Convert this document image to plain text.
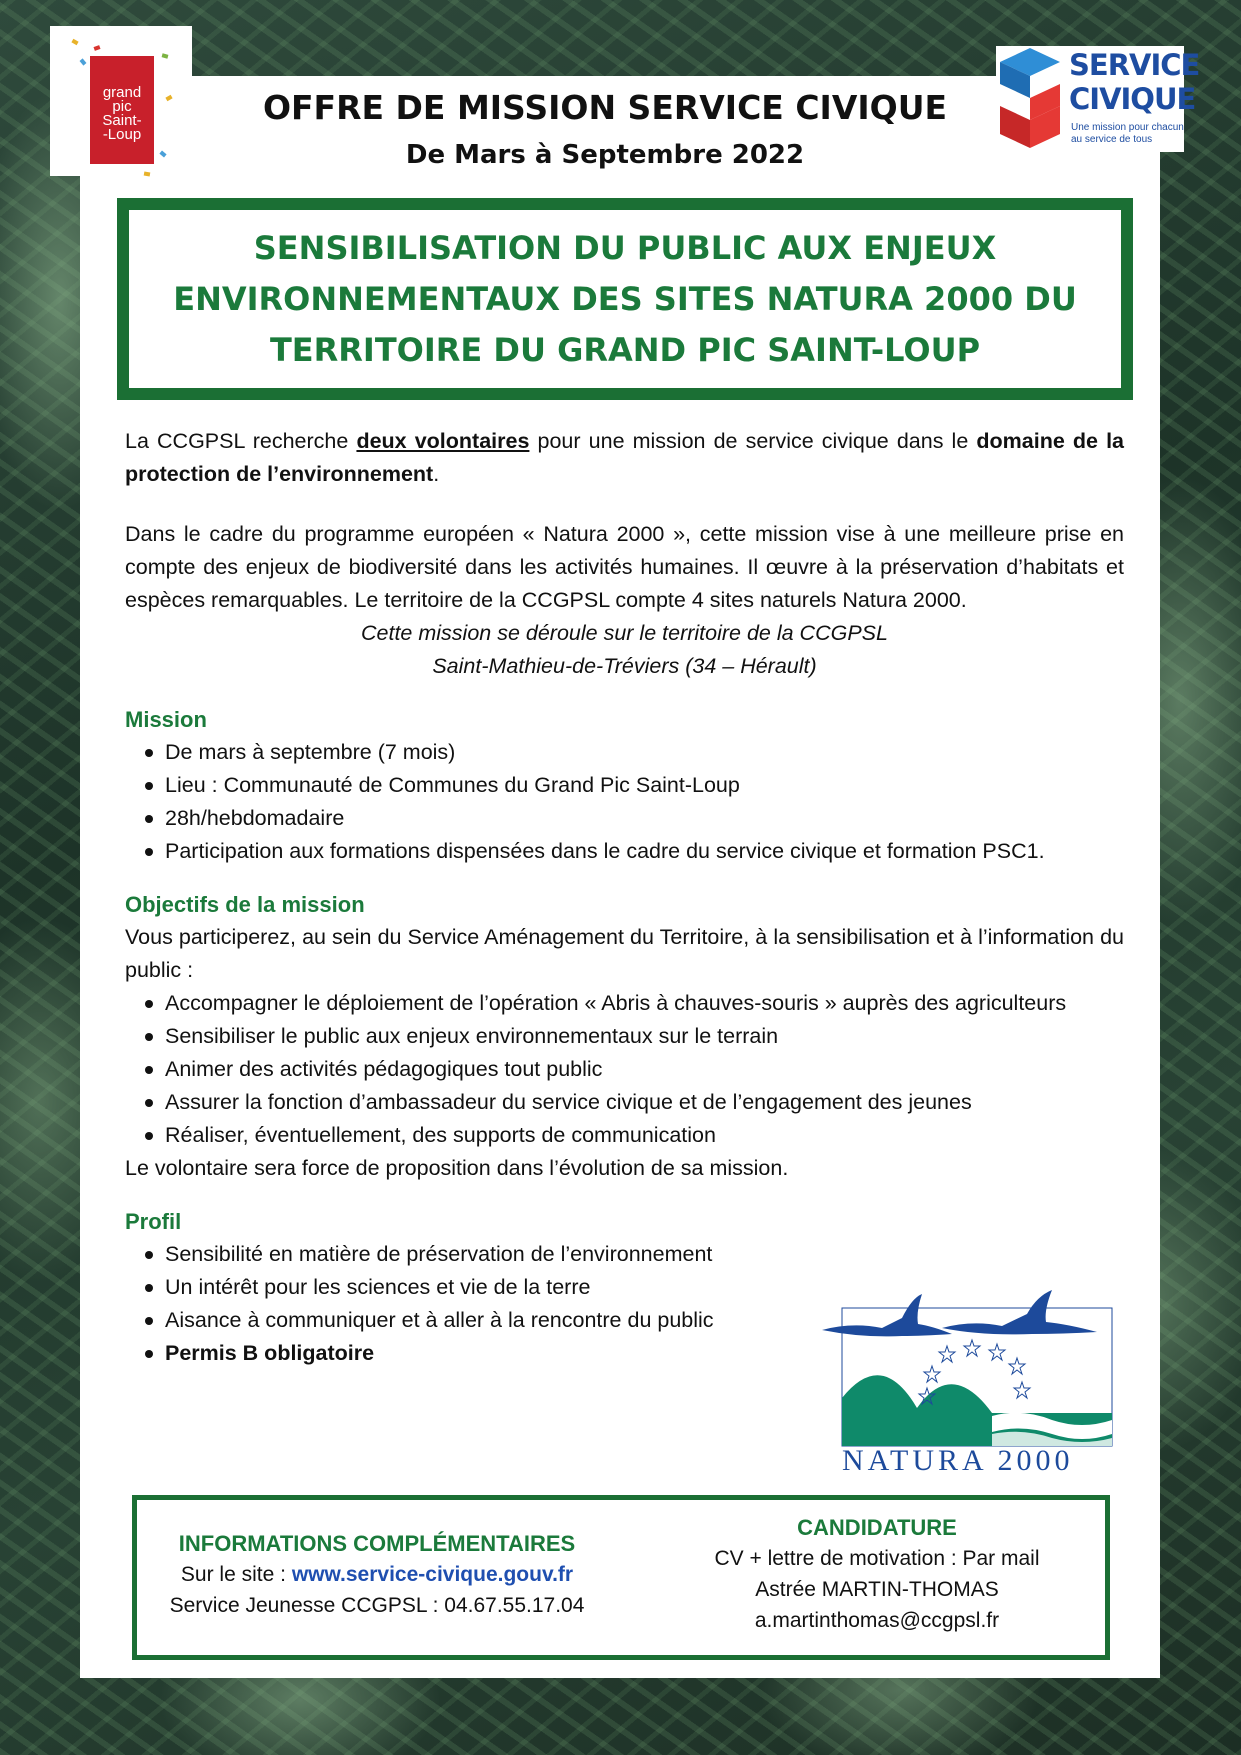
grand
pic
Saint-
-Loup
SERVICE
CIVIQUE
Une mission pour chacun au service de tous
OFFRE DE MISSION SERVICE CIVIQUE
De Mars à Septembre 2022
SENSIBILISATION DU PUBLIC AUX ENJEUX ENVIRONNEMENTAUX DES SITES NATURA 2000 DU TERRITOIRE DU GRAND PIC SAINT-LOUP

La CCGPSL recherche deux volontaires pour une mission de service civique dans le domaine de la protection de l’environnement.

Dans le cadre du programme européen « Natura 2000 », cette mission vise à une meilleure prise en compte des enjeux de biodiversité dans les activités humaines. Il œuvre à la préservation d’habitats et espèces remarquables. Le territoire de la CCGPSL compte 4 sites naturels Natura 2000.

Cette mission se déroule sur le territoire de la CCGPSL

Saint-Mathieu-de-Tréviers (34 – Hérault)

Mission
De mars à septembre (7 mois)
Lieu : Communauté de Communes du Grand Pic Saint-Loup
28h/hebdomadaire
Participation aux formations dispensées dans le cadre du service civique et formation PSC1.
Objectifs de la mission

Vous participerez, au sein du Service Aménagement du Territoire, à la sensibilisation et à l’information du public :

Accompagner le déploiement de l’opération « Abris à chauves-souris » auprès des agriculteurs
Sensibiliser le public aux enjeux environnementaux sur le terrain
Animer des activités pédagogiques tout public
Assurer la fonction d’ambassadeur du service civique et de l’engagement des jeunes
Réaliser, éventuellement, des supports de communication

Le volontaire sera force de proposition dans l’évolution de sa mission.

Profil
Sensibilité en matière de préservation de l’environnement
Un intérêt pour les sciences et vie de la terre
Aisance à communiquer et à aller à la rencontre du public
Permis B obligatoire
NATURA 2000
INFORMATIONS COMPLÉMENTAIRES
Sur le site : www.service-civique.gouv.fr
Service Jeunesse CCGPSL : 04.67.55.17.04
CANDIDATURE
CV + lettre de motivation : Par mail
Astrée MARTIN-THOMAS
a.martinthomas@ccgpsl.fr
